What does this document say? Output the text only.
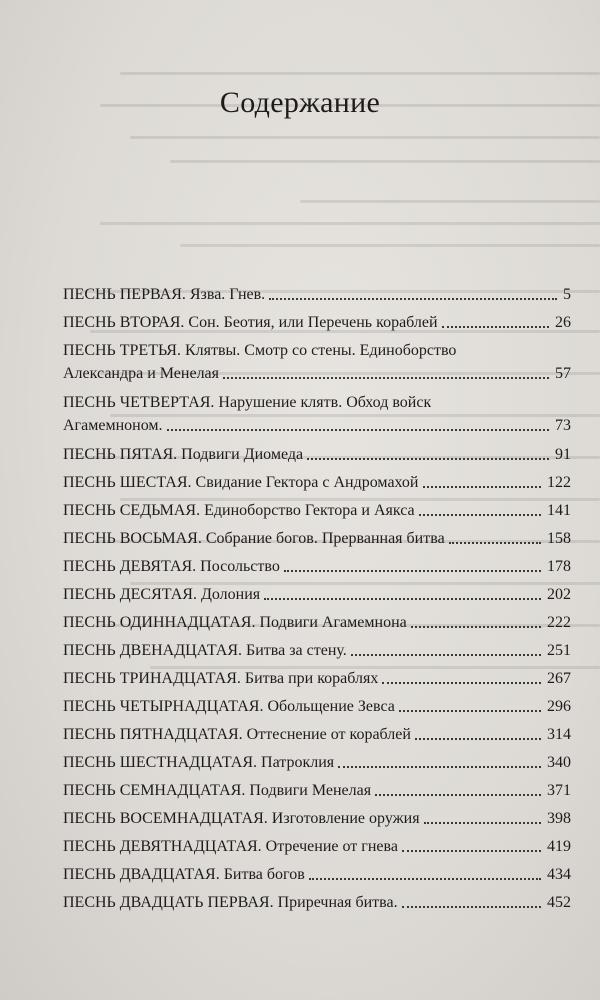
Содержание
ПЕСНЬ ПЕРВАЯ. Язва. Гнев.	5
ПЕСНЬ ВТОРАЯ. Сон. Беотия, или Перечень кораблей	26
ПЕСНЬ ТРЕТЬЯ. Клятвы. Смотр со стены. Единоборство
Александра и Менелая	57
ПЕСНЬ ЧЕТВЕРТАЯ. Нарушение клятв. Обход войск
Агамемноном.	73
ПЕСНЬ ПЯТАЯ. Подвиги Диомеда	91
ПЕСНЬ ШЕСТАЯ. Свидание Гектора с Андромахой	122
ПЕСНЬ СЕДЬМАЯ. Единоборство Гектора и Аякса	141
ПЕСНЬ ВОСЬМАЯ. Собрание богов. Прерванная битва	158
ПЕСНЬ ДЕВЯТАЯ. Посольство	178
ПЕСНЬ ДЕСЯТАЯ. Долония	202
ПЕСНЬ ОДИННАДЦАТАЯ. Подвиги Агамемнона	222
ПЕСНЬ ДВЕНАДЦАТАЯ. Битва за стену.	251
ПЕСНЬ ТРИНАДЦАТАЯ. Битва при кораблях	267
ПЕСНЬ ЧЕТЫРНАДЦАТАЯ. Обольщение Зевса	296
ПЕСНЬ ПЯТНАДЦАТАЯ. Оттеснение от кораблей	314
ПЕСНЬ ШЕСТНАДЦАТАЯ. Патроклия	340
ПЕСНЬ СЕМНАДЦАТАЯ. Подвиги Менелая	371
ПЕСНЬ ВОСЕМНАДЦАТАЯ. Изготовление оружия	398
ПЕСНЬ ДЕВЯТНАДЦАТАЯ. Отречение от гнева	419
ПЕСНЬ ДВАДЦАТАЯ. Битва богов	434
ПЕСНЬ ДВАДЦАТЬ ПЕРВАЯ. Приречная битва.	452
